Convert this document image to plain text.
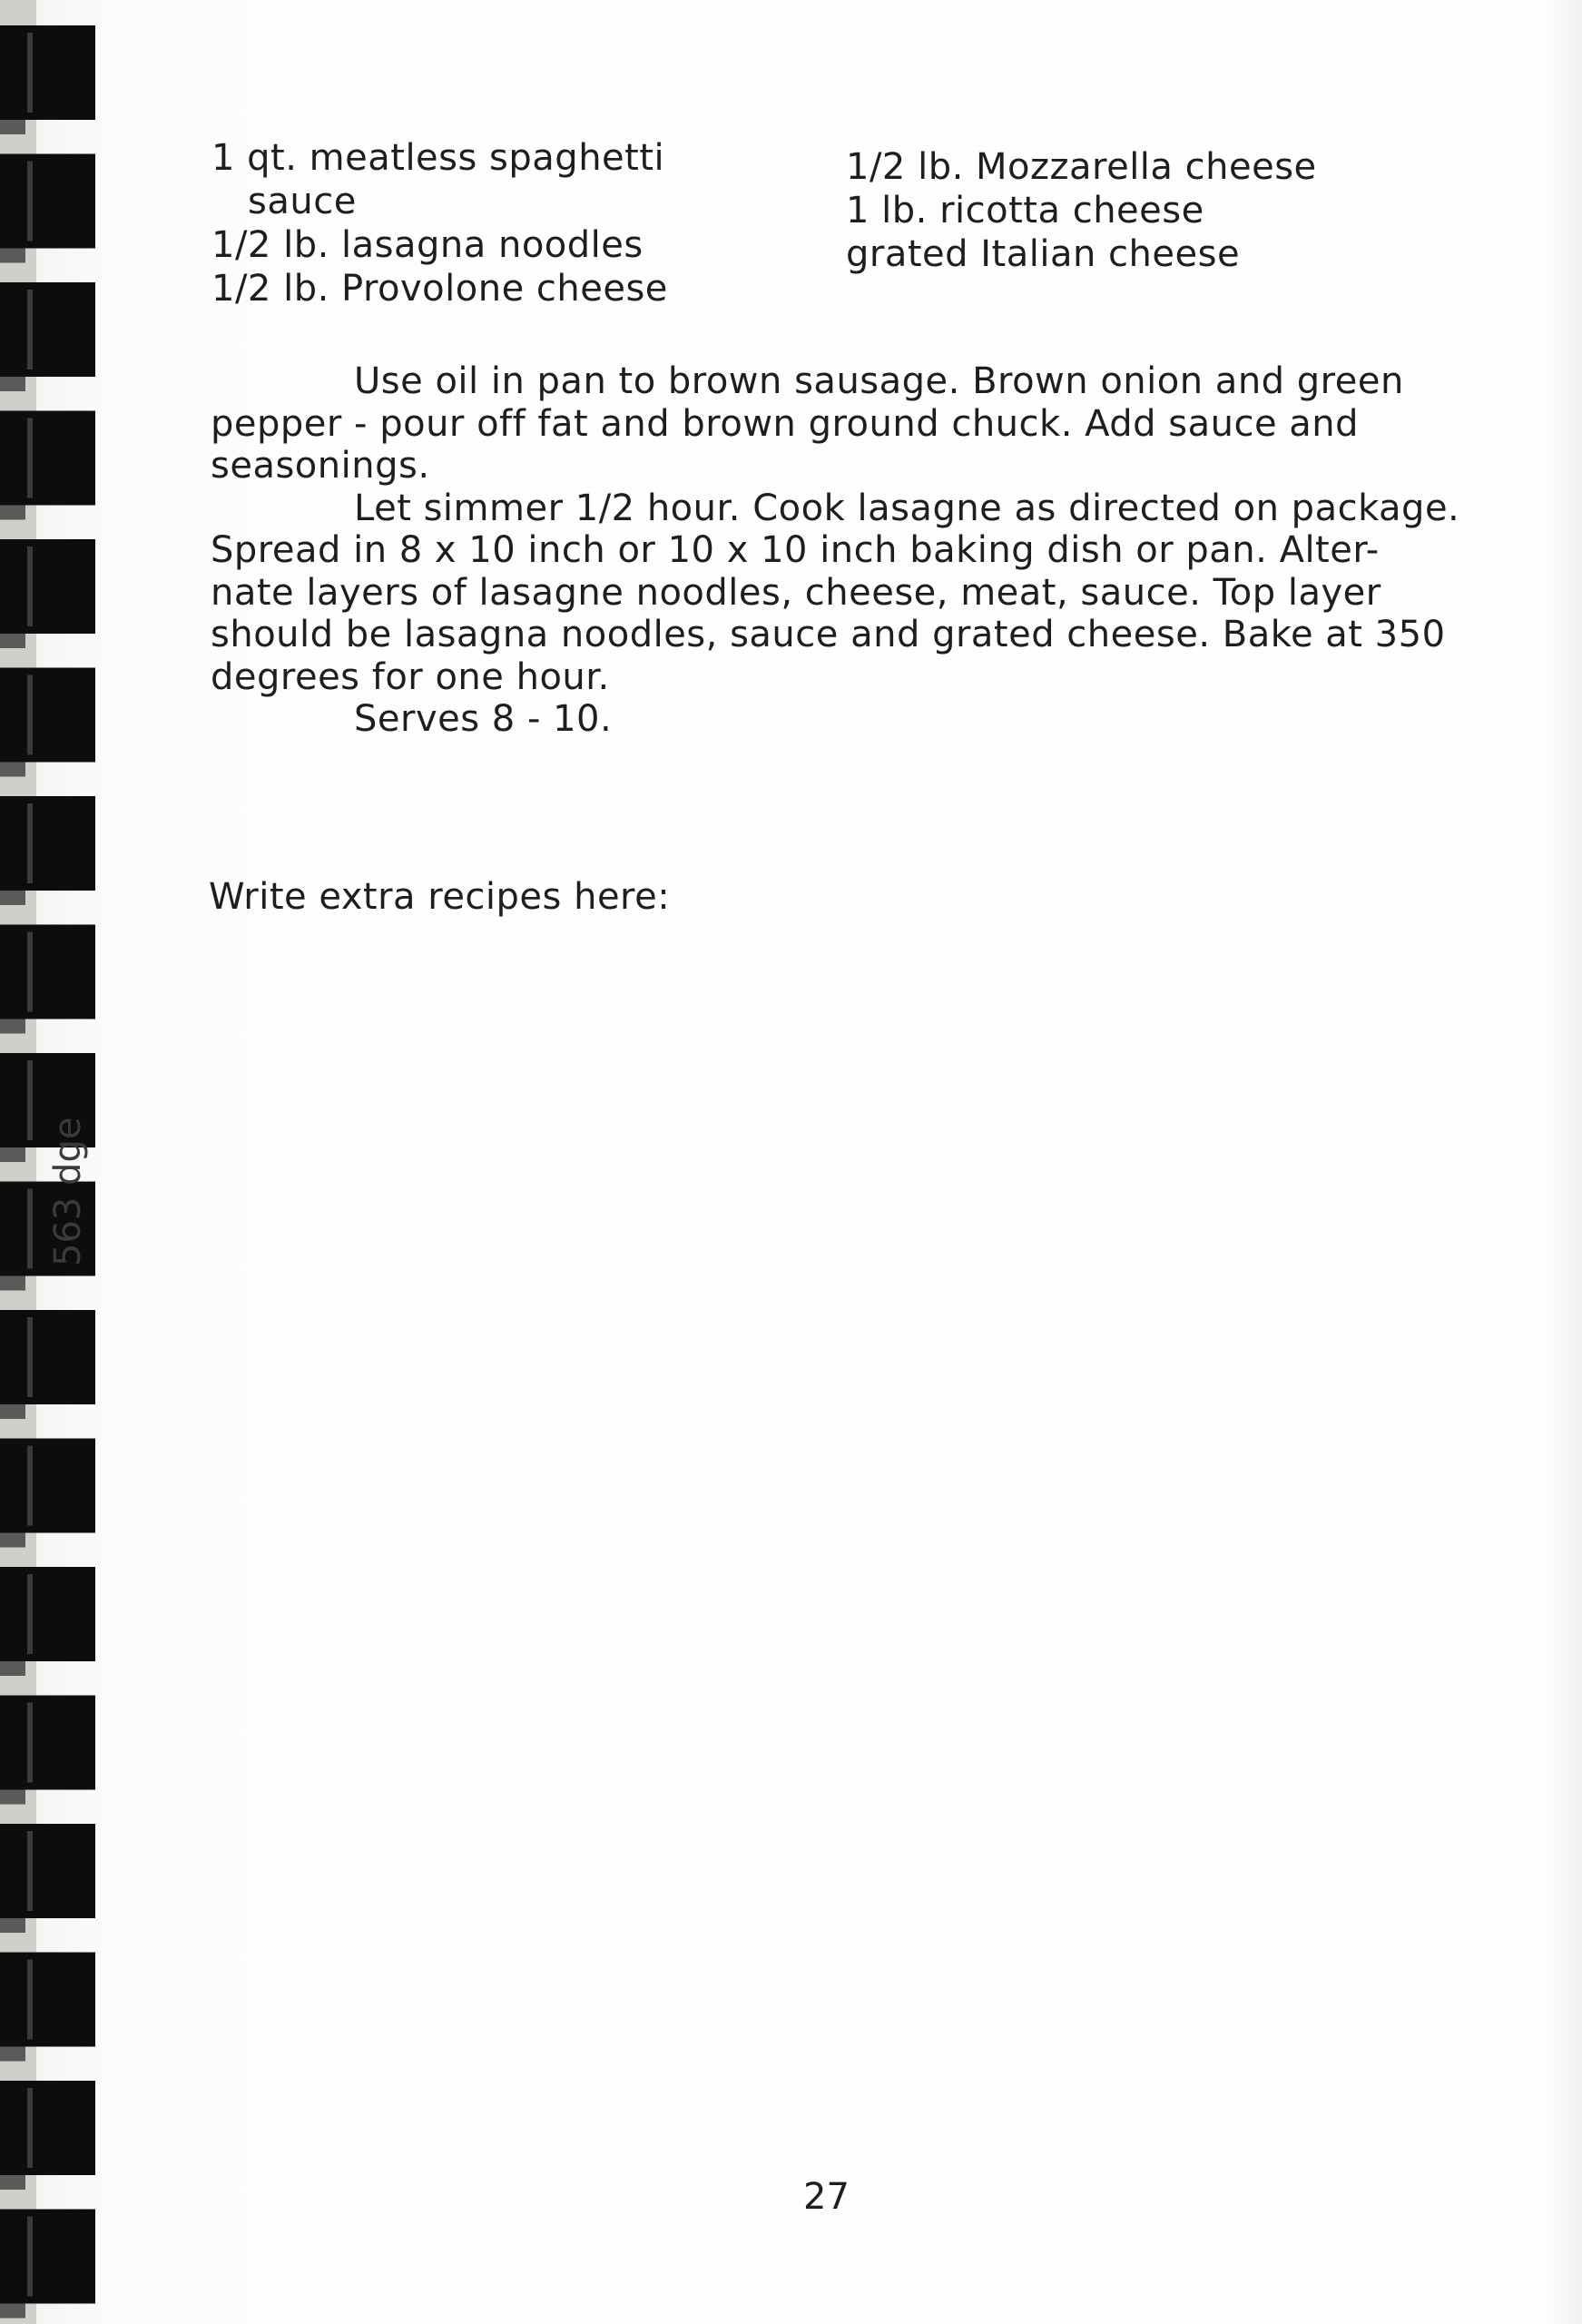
563 dge
1 qt. meatless spaghetti
sauce
1/2 lb. lasagna noodles
1/2 lb. Provolone cheese
1/2 lb. Mozzarella cheese
1 lb. ricotta cheese
grated Italian cheese
Use oil in pan to brown sausage. Brown onion and green
pepper - pour off fat and brown ground chuck. Add sauce and
seasonings.
Let simmer 1/2 hour. Cook lasagne as directed on package.
Spread in 8 x 10 inch or 10 x 10 inch baking dish or pan. Alter-
nate layers of lasagne noodles, cheese, meat, sauce. Top layer
should be lasagna noodles, sauce and grated cheese. Bake at 350
degrees for one hour.
Serves 8 - 10.
Write extra recipes here:
27
